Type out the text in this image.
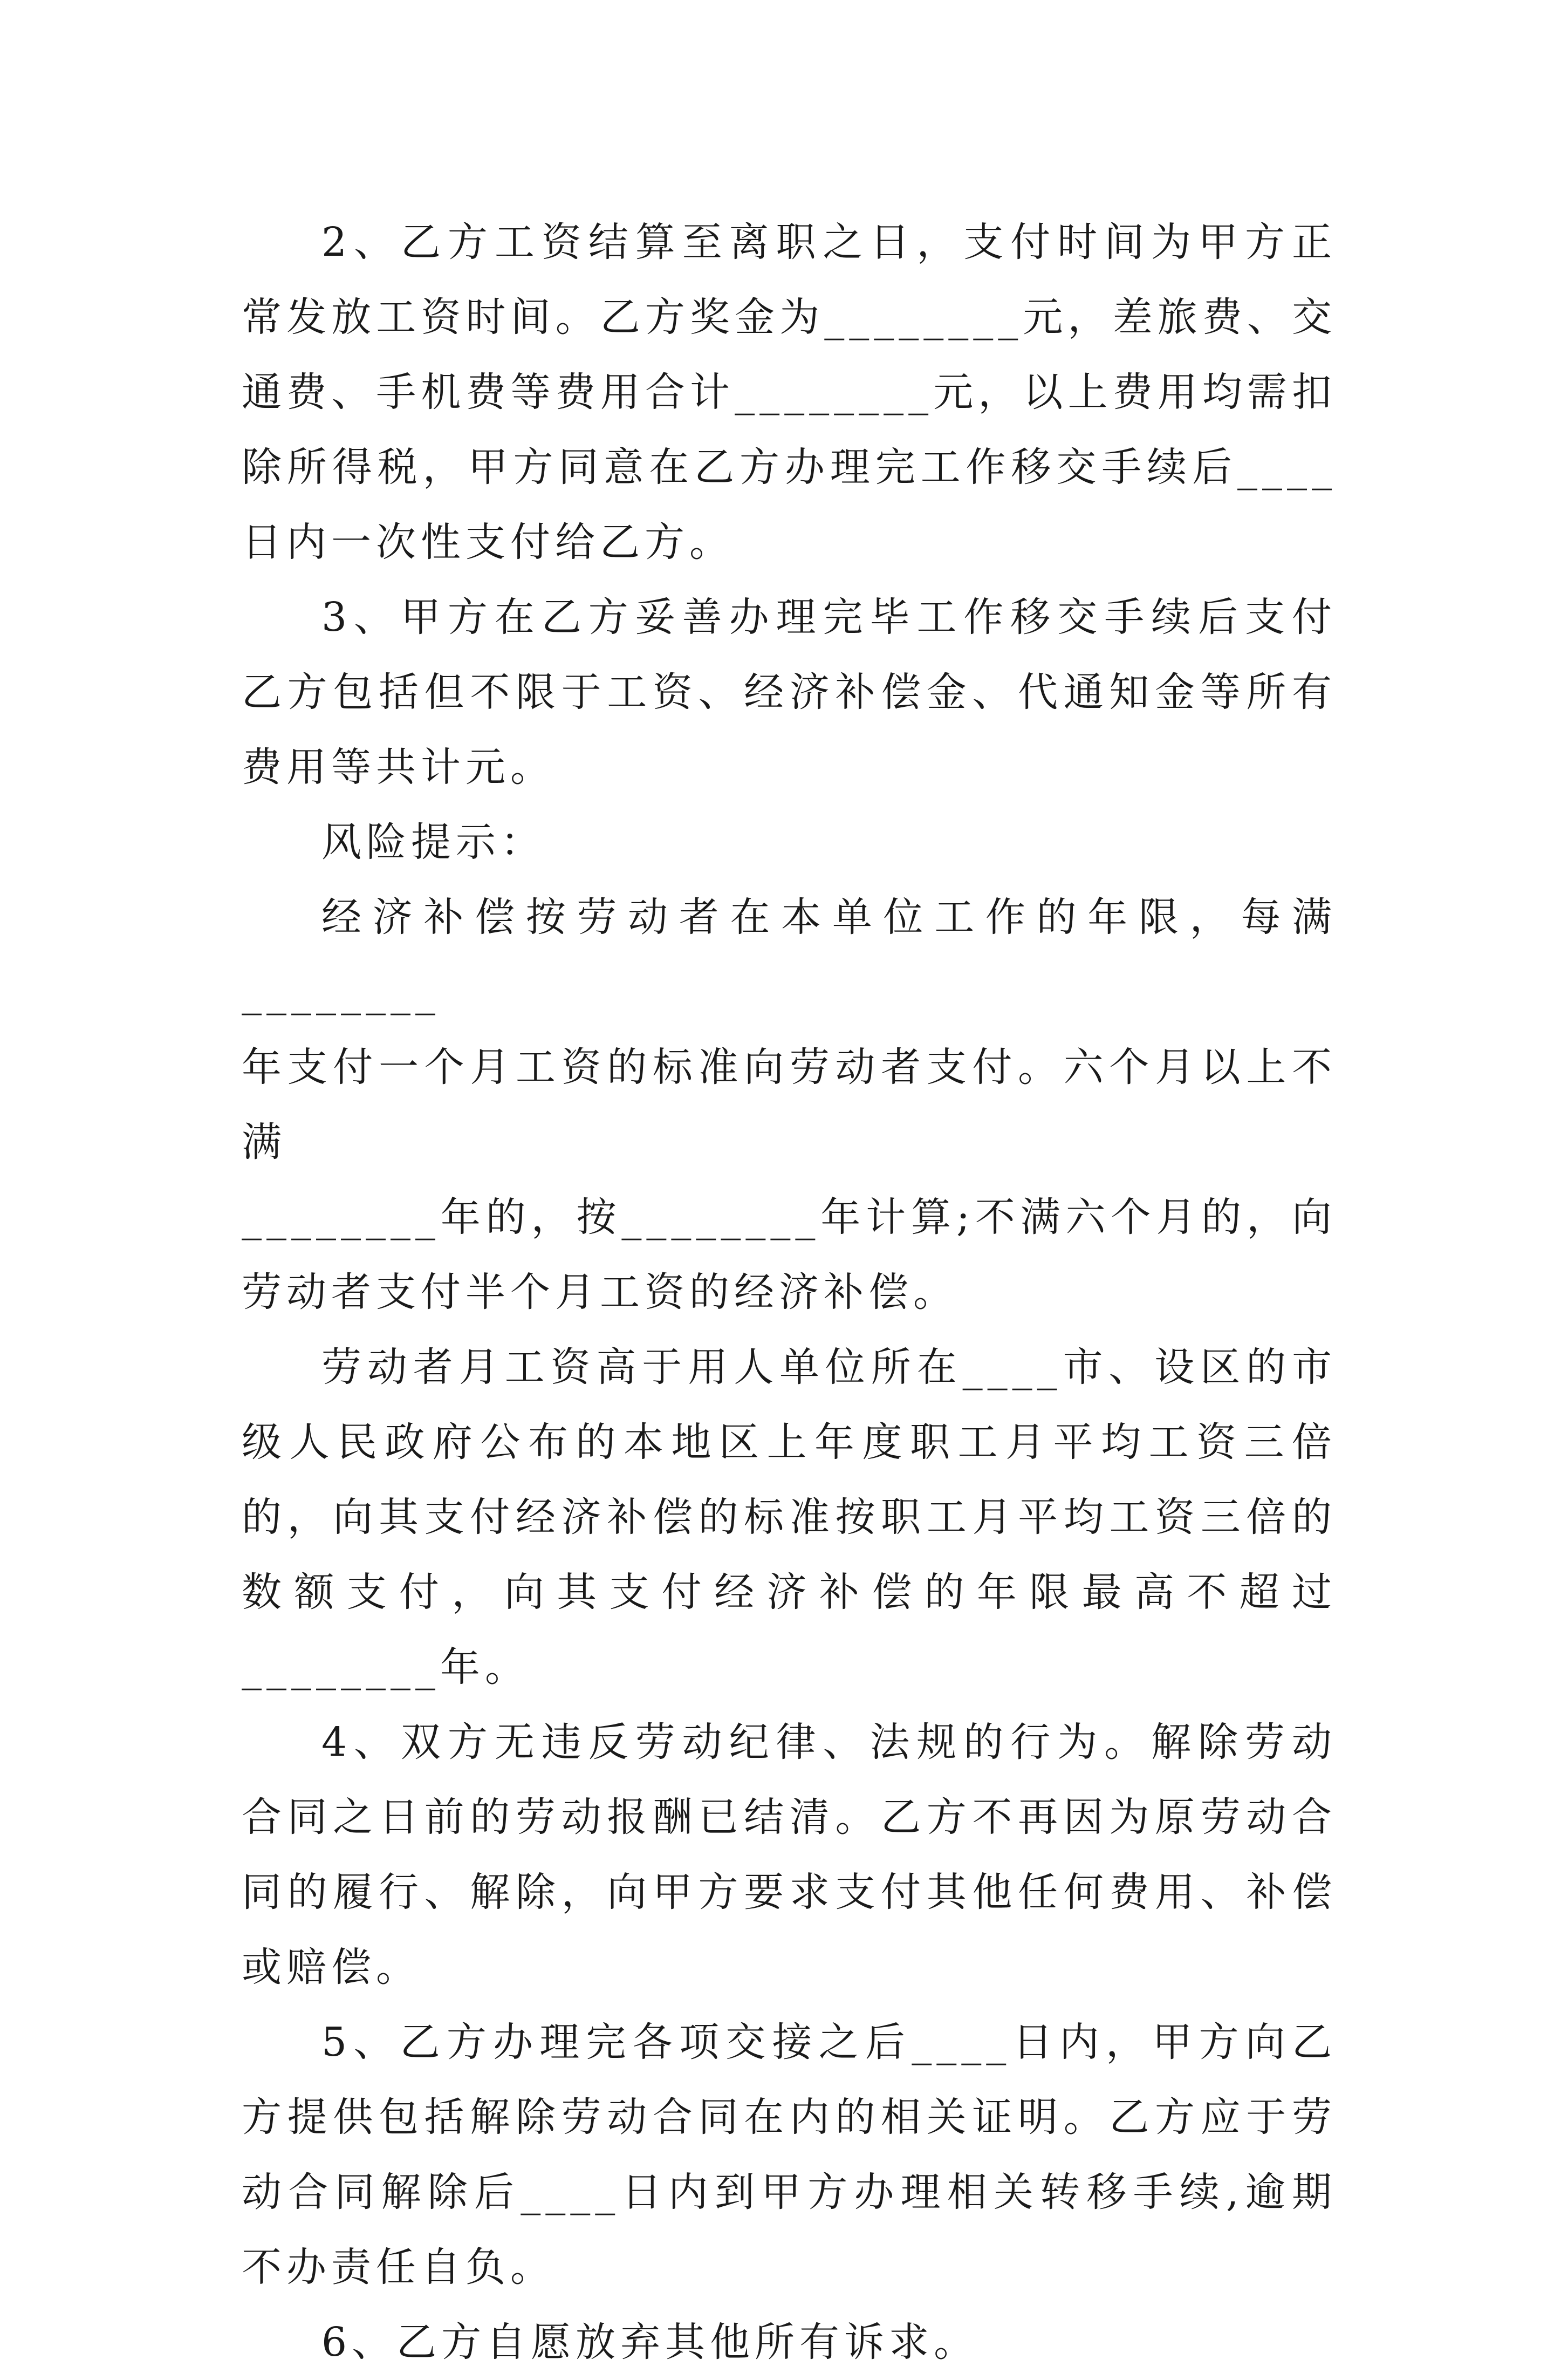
2、乙方工资结算至离职之日，支付时间为甲方正常发放工资时间。乙方奖金为________元，差旅费、交通费、手机费等费用合计________元，以上费用均需扣除所得税，甲方同意在乙方办理完工作移交手续后____日内一次性支付给乙方。

3、甲方在乙方妥善办理完毕工作移交手续后支付乙方包括但不限于工资、经济补偿金、代通知金等所有费用等共计元。

风险提示：

经济补偿按劳动者在本单位工作的年限，每满________

年支付一个月工资的标准向劳动者支付。六个月以上不满

________年的，按________年计算;不满六个月的，向劳动者支付半个月工资的经济补偿。

劳动者月工资高于用人单位所在____市、设区的市级人民政府公布的本地区上年度职工月平均工资三倍的，向其支付经济补偿的标准按职工月平均工资三倍的数额支付，向其支付经济补偿的年限最高不超过________年。

4、双方无违反劳动纪律、法规的行为。解除劳动合同之日前的劳动报酬已结清。乙方不再因为原劳动合同的履行、解除，向甲方要求支付其他任何费用、补偿或赔偿。

5、乙方办理完各项交接之后____日内，甲方向乙方提供包括解除劳动合同在内的相关证明。乙方应于劳动合同解除后____日内到甲方办理相关转移手续,逾期不办责任自负。

6、乙方自愿放弃其他所有诉求。
